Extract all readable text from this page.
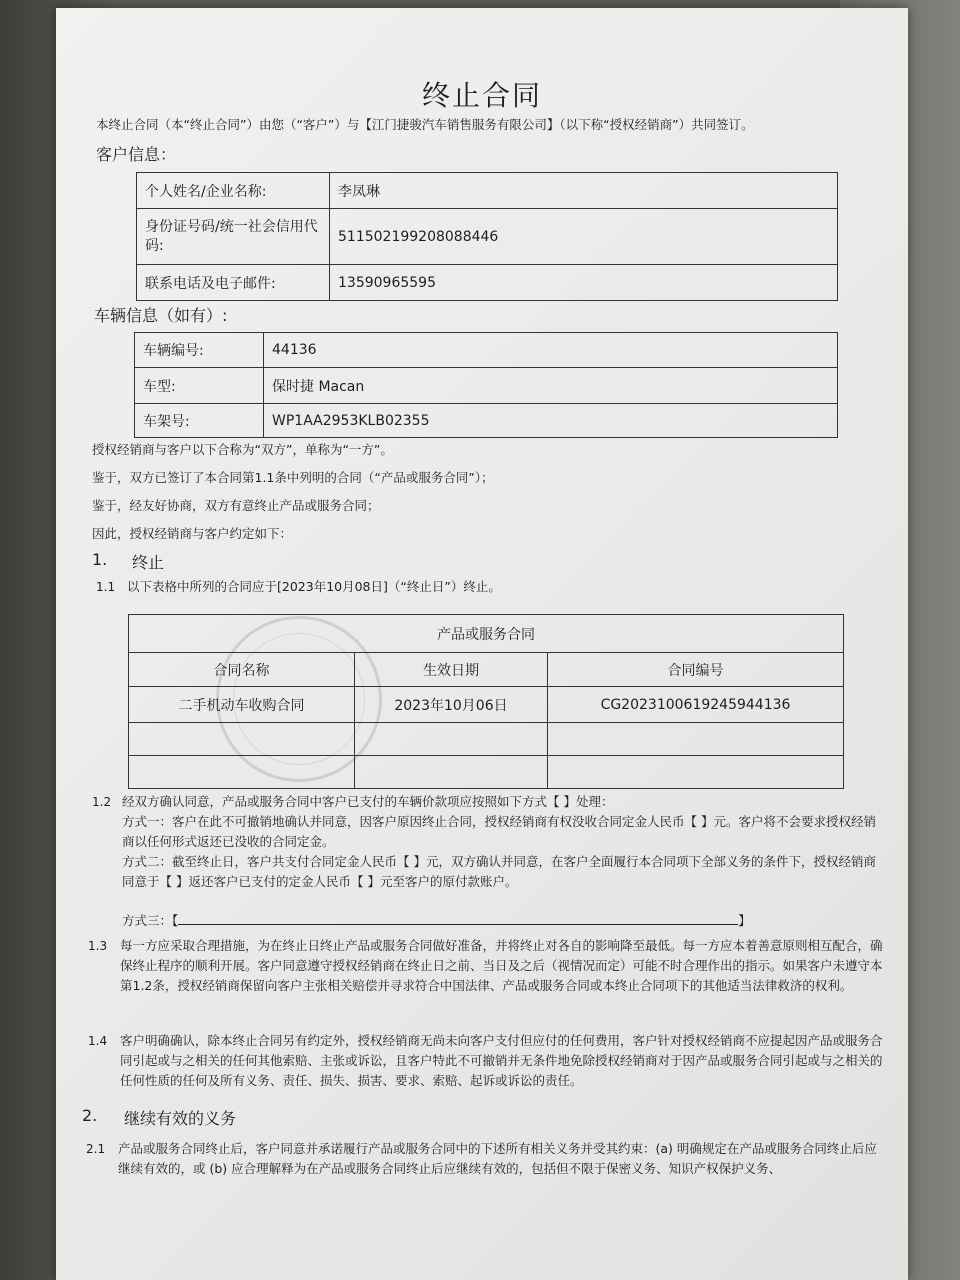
终止合同
本终止合同（本“终止合同”）由您（“客户”）与【江门捷骏汽车销售服务有限公司】（以下称“授权经销商”）共同签订。
客户信息：
个人姓名/企业名称:	李凤琳
身份证号码/统一社会信用代码:	511502199208088446
联系电话及电子邮件:	13590965595
车辆信息（如有）:
车辆编号:	44136
车型:	保时捷 Macan
车架号:	WP1AA2953KLB02355
授权经销商与客户以下合称为“双方”，单称为“一方”。
鉴于，双方已签订了本合同第1.1条中列明的合同（“产品或服务合同”）；
鉴于，经友好协商，双方有意终止产品或服务合同；
因此，授权经销商与客户约定如下：
1. 终止
1.1 以下表格中所列的合同应于[2023年10月08日]（“终止日”）终止。
产品或服务合同		
合同名称	生效日期	合同编号
二手机动车收购合同	2023年10月06日	CG2023100619245944136

1.2 经双方确认同意，产品或服务合同中客户已支付的车辆价款项应按照如下方式【 】处理：
方式一：客户在此不可撤销地确认并同意，因客户原因终止合同，授权经销商有权没收合同定金人民币【 】元。客户将不会要求授权经销商以任何形式返还已没收的合同定金。
方式二：截至终止日，客户共支付合同定金人民币【 】元，双方确认并同意，在客户全面履行本合同项下全部义务的条件下，授权经销商同意于【 】返还客户已支付的定金人民币【 】元至客户的原付款账户。
方式三：【	】
1.3 每一方应采取合理措施，为在终止日终止产品或服务合同做好准备，并将终止对各自的影响降至最低。每一方应本着善意原则相互配合，确保终止程序的顺利开展。客户同意遵守授权经销商在终止日之前、当日及之后（视情况而定）可能不时合理作出的指示。如果客户未遵守本第1.2条，授权经销商保留向客户主张相关赔偿并寻求符合中国法律、产品或服务合同或本终止合同项下的其他适当法律救济的权利。
1.4 客户明确确认，除本终止合同另有约定外，授权经销商无尚未向客户支付但应付的任何费用，客户针对授权经销商不应提起因产品或服务合同引起或与之相关的任何其他索赔、主张或诉讼，且客户特此不可撤销并无条件地免除授权经销商对于因产品或服务合同引起或与之相关的任何性质的任何及所有义务、责任、损失、损害、要求、索赔、起诉或诉讼的责任。
2. 继续有效的义务
2.1 产品或服务合同终止后，客户同意并承诺履行产品或服务合同中的下述所有相关义务并受其约束：(a) 明确规定在产品或服务合同终止后应继续有效的，或 (b) 应合理解释为在产品或服务合同终止后应继续有效的，包括但不限于保密义务、知识产权保护义务、
